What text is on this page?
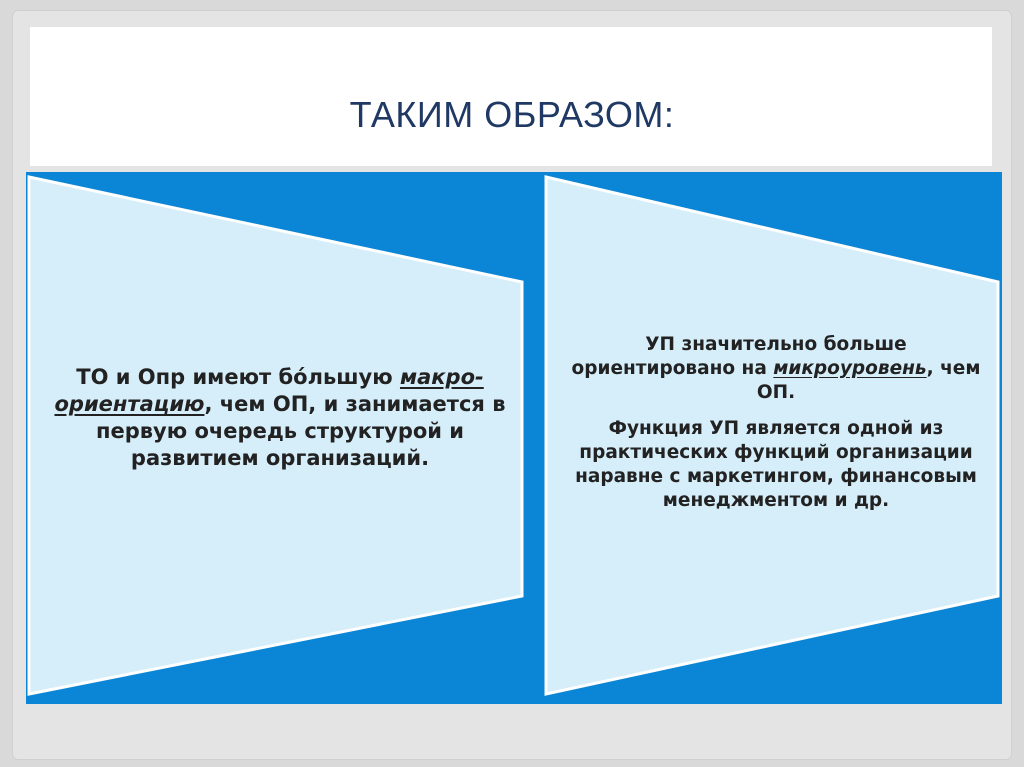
ТАКИМ ОБРАЗОМ:
ТО и Опр имеют бо́льшую макро-ориентацию, чем ОП, и занимается в первую очередь структурой и развитием организаций.

УП значительно больше ориентировано на микроуровень, чем ОП.

Функция УП является одной из практических функций организации наравне с маркетингом, финансовым менеджментом и др.
